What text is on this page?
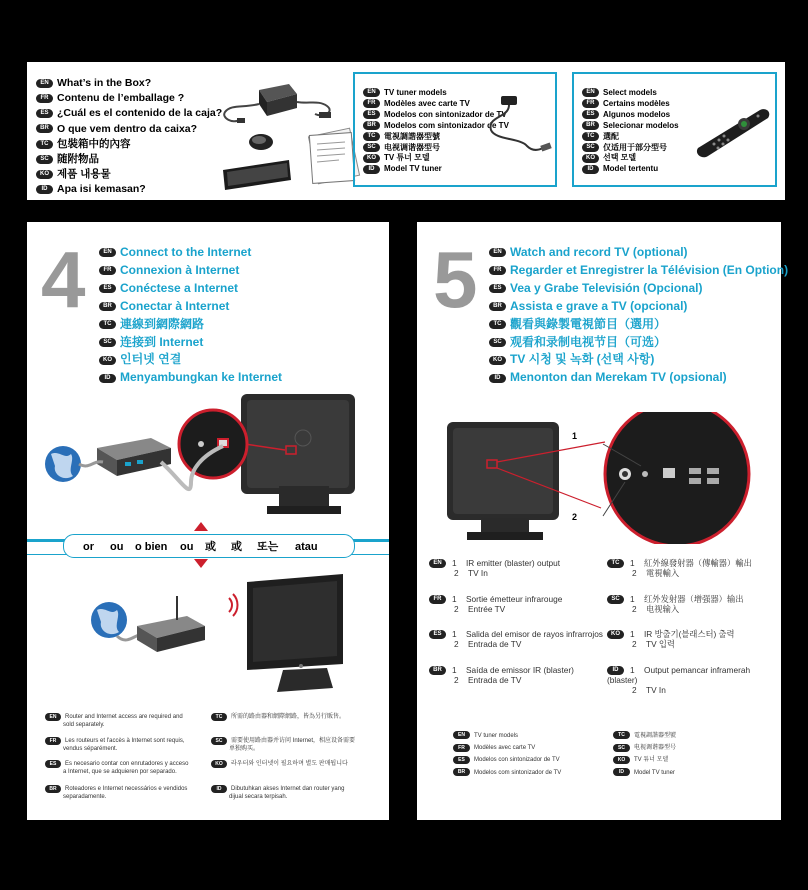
EN What’s in the Box?
FR Contenu de l’emballage ?
ES ¿Cuál es el contenido de la caja?
BR O que vem dentro da caixa?
TC 包裝箱中的內容
SC 随附物品
KO 제품 내용물
ID Apa isi kemasan?
EN TV tuner models
FR Modèles avec carte TV
ES Modelos con sintonizador de TV
BR Modelos com sintonizador de TV
TC 電視調諧器型號
SC 电视调谐器型号
KO TV 튜너 모델
ID Model TV tuner
EN Select models
FR Certains modèles
ES Algunos modelos
BR Selecionar modelos
TC 選配
SC 仅适用于部分型号
KO 선택 모델
ID Model tertentu
4	EN Connect to the Internet
FR Connexion à Internet
ES Conéctese a Internet
BR Conectar à Internet
TC 連線到網際網路
SC 连接到 Internet
KO 인터넷 연결
ID Menyambungkan ke Internet
or ou o bien ou 或 或 또는 atau
EN	Router and Internet access are required and sold separately.
TC	所需的路由器和網際網路，皆為另行販售。
FR	Les routeurs et l'accès à Internet sont requis, vendus séparément.
SC	需要使用路由器并访问 Internet，相应设备需要单独购买。
ES	Es necesario contar con enrutadores y acceso a Internet, que se adquieren por separado.
KO	라우터와 인터넷이 필요하며 별도 판매됩니다
BR	Roteadores e Internet necessários e vendidos separadamente.
ID	Dibutuhkan akses Internet dan router yang dijual secara terpisah.
5	EN Watch and record TV (optional)
FR Regarder et Enregistrer la Télévision (En Option)
ES Vea y Grabe Televisión (Opcional)
BR Assista e grave a TV (opcional)
TC 觀看與錄製電視節目（選用）
SC 观看和录制电视节目（可选）
KO TV 시청 및 녹화 (선택 사항)
ID Menonton dan Merekam TV (opsional)
1
2
EN 1 IR emitter (blaster) output
2 TV In
TC 1 紅外線發射器（傳輸器）輸出
2 電視輸入
FR 1 Sortie émetteur infrarouge
2 Entrée TV
SC 1 红外发射器（增强器）输出
2 电视输入
ES 1 Salida del emisor de rayos infrarrojos
2 Entrada de TV
KO 1 IR 방출기(블래스터) 출력
2 TV 입력
BR 1 Saída de emissor IR (blaster)
2 Entrada de TV
ID 1 Output pemancar inframerah (blaster)
2 TV In
EN TV tuner models
FR Modèles avec carte TV
ES Modelos con sintonizador de TV
BR Modelos com sintonizador de TV
TC 電視調諧器型號
SC 电视调谐器型号
KO TV 튜너 모델
ID Model TV tuner
